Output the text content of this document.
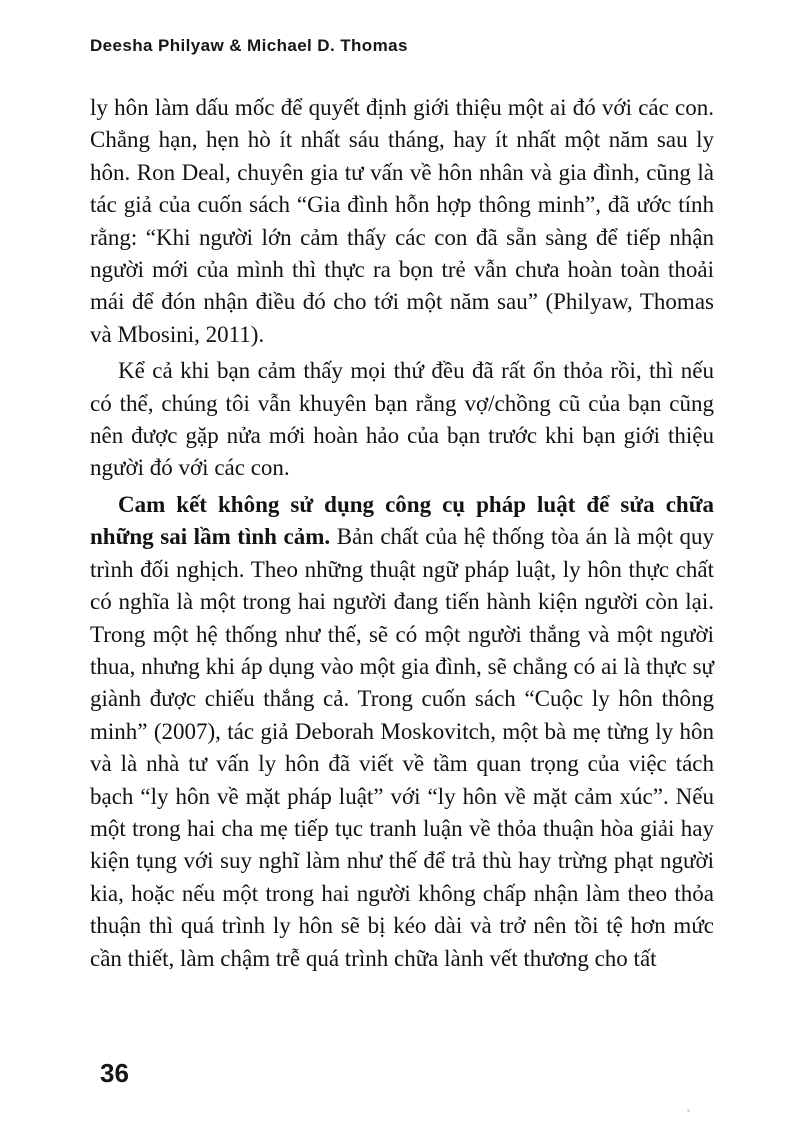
Deesha Philyaw & Michael D. Thomas

ly hôn làm dấu mốc để quyết định giới thiệu một ai đó với các con. Chẳng hạn, hẹn hò ít nhất sáu tháng, hay ít nhất một năm sau ly hôn. Ron Deal, chuyên gia tư vấn về hôn nhân và gia đình, cũng là tác giả của cuốn sách “Gia đình hỗn hợp thông minh”, đã ước tính rằng: “Khi người lớn cảm thấy các con đã sẵn sàng để tiếp nhận người mới của mình thì thực ra bọn trẻ vẫn chưa hoàn toàn thoải mái để đón nhận điều đó cho tới một năm sau” (Philyaw, Thomas và Mbosini, 2011).

Kể cả khi bạn cảm thấy mọi thứ đều đã rất ổn thỏa rồi, thì nếu có thể, chúng tôi vẫn khuyên bạn rằng vợ/chồng cũ của bạn cũng nên được gặp nửa mới hoàn hảo của bạn trước khi bạn giới thiệu người đó với các con.

Cam kết không sử dụng công cụ pháp luật để sửa chữa những sai lầm tình cảm. Bản chất của hệ thống tòa án là một quy trình đối nghịch. Theo những thuật ngữ pháp luật, ly hôn thực chất có nghĩa là một trong hai người đang tiến hành kiện người còn lại. Trong một hệ thống như thế, sẽ có một người thắng và một người thua, nhưng khi áp dụng vào một gia đình, sẽ chẳng có ai là thực sự giành được chiếu thắng cả. Trong cuốn sách “Cuộc ly hôn thông minh” (2007), tác giả Deborah Moskovitch, một bà mẹ từng ly hôn và là nhà tư vấn ly hôn đã viết về tầm quan trọng của việc tách bạch “ly hôn về mặt pháp luật” với “ly hôn về mặt cảm xúc”. Nếu một trong hai cha mẹ tiếp tục tranh luận về thỏa thuận hòa giải hay kiện tụng với suy nghĩ làm như thế để trả thù hay trừng phạt người kia, hoặc nếu một trong hai người không chấp nhận làm theo thỏa thuận thì quá trình ly hôn sẽ bị kéo dài và trở nên tồi tệ hơn mức cần thiết, làm chậm trễ quá trình chữa lành vết thương cho tất

36
